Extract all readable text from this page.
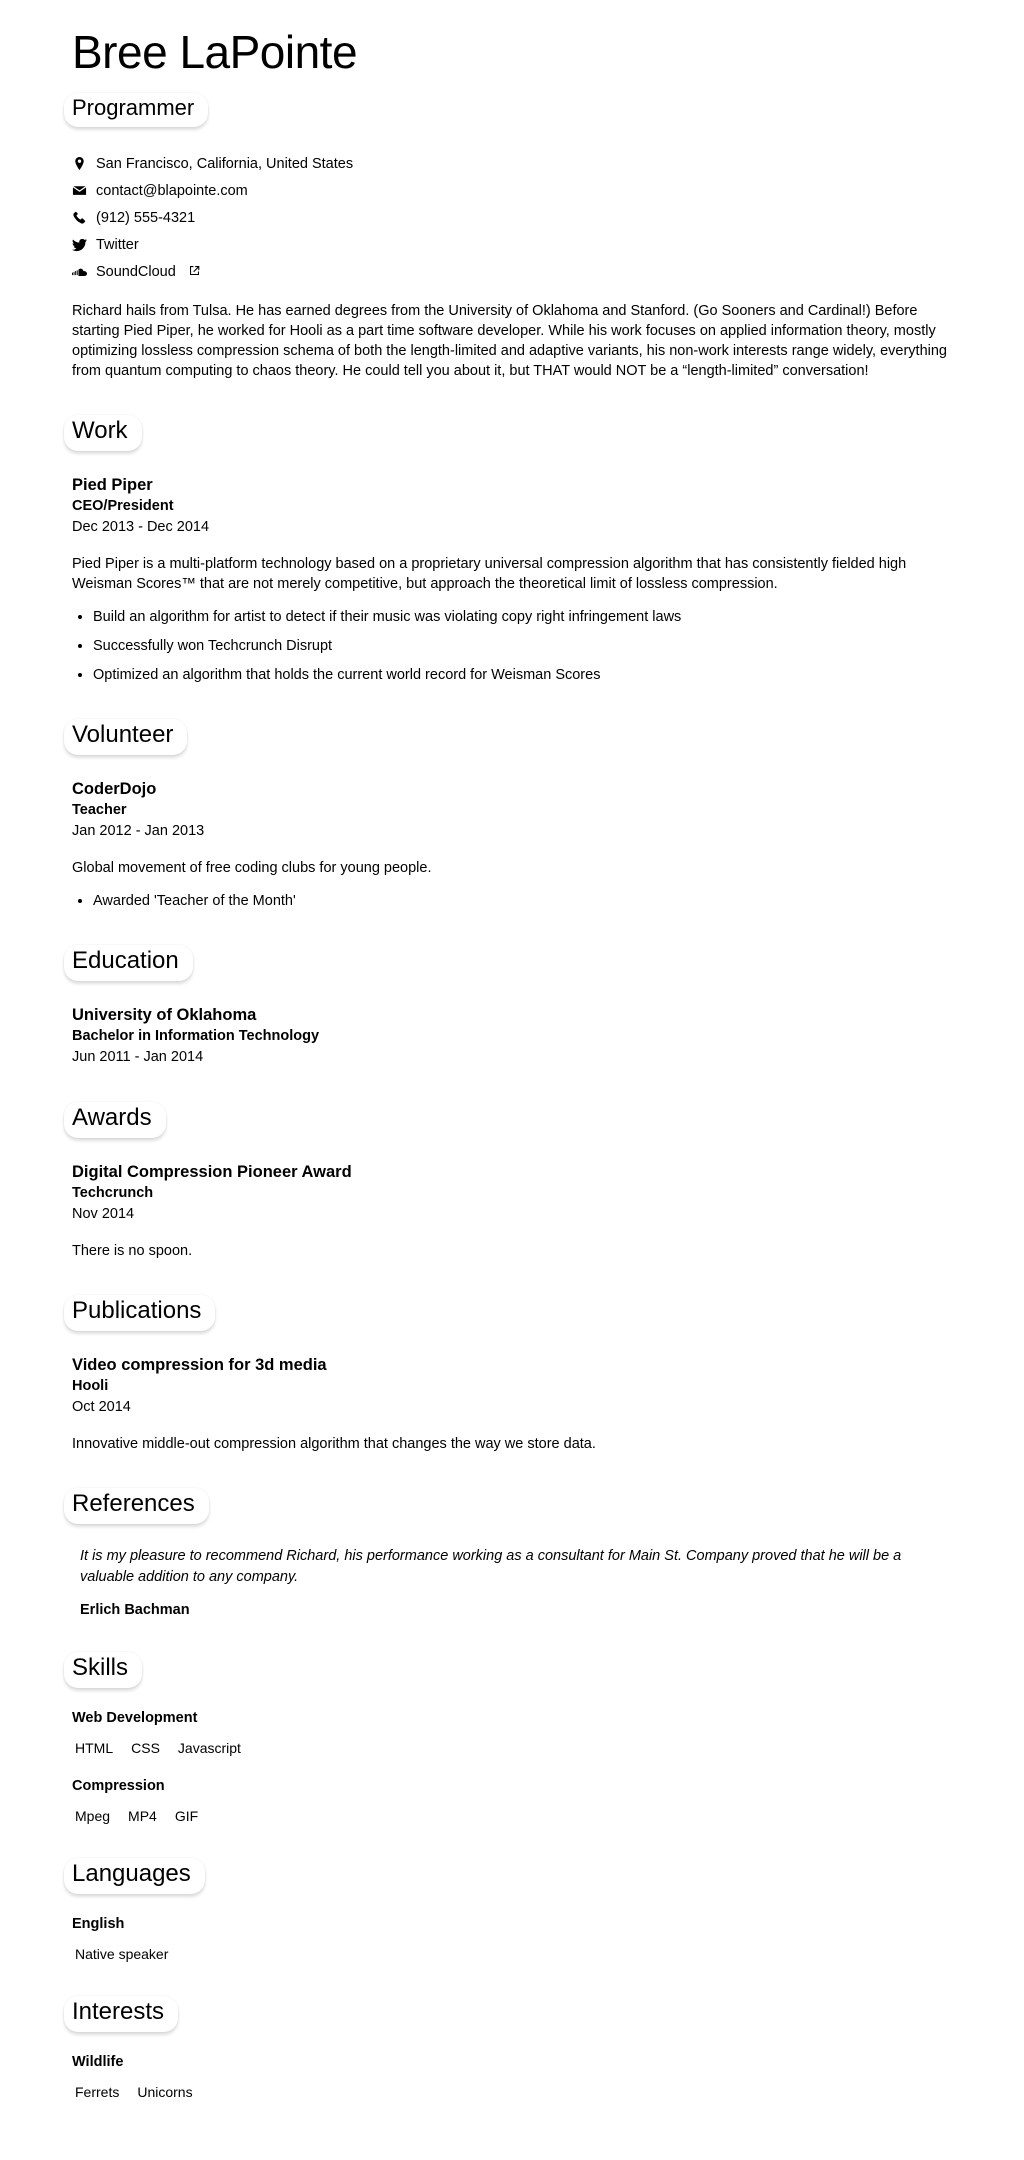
Bree LaPointe
Programmer
San Francisco, California, United States
contact@blapointe.com
(912) 555-4321
Twitter
SoundCloud

Richard hails from Tulsa. He has earned degrees from the University of Oklahoma and Stanford. (Go Sooners and Cardinal!) Before starting Pied Piper, he worked for Hooli as a part time software developer. While his work focuses on applied information theory, mostly optimizing lossless compression schema of both the length-limited and adaptive variants, his non-work interests range widely, everything from quantum computing to chaos theory. He could tell you about it, but THAT would NOT be a “length-limited” conversation!

Work

Pied Piper

CEO/President

Dec 2013 - Dec 2014

Pied Piper is a multi-platform technology based on a proprietary universal compression algorithm that has consistently fielded high Weisman Scores™ that are not merely competitive, but approach the theoretical limit of lossless compression.

• Build an algorithm for artist to detect if their music was violating copy right infringement laws
• Successfully won Techcrunch Disrupt
• Optimized an algorithm that holds the current world record for Weisman Scores
Volunteer

CoderDojo

Teacher

Jan 2012 - Jan 2013

Global movement of free coding clubs for young people.

• Awarded 'Teacher of the Month'
Education

University of Oklahoma

Bachelor in Information Technology

Jun 2011 - Jan 2014

Awards

Digital Compression Pioneer Award

Techcrunch

Nov 2014

There is no spoon.

Publications

Video compression for 3d media

Hooli

Oct 2014

Innovative middle-out compression algorithm that changes the way we store data.

References
It is my pleasure to recommend Richard, his performance working as a consultant for Main St. Company proved that he will be a valuable addition to any company.

Erlich Bachman

Skills

Web Development

HTML CSS Javascript

Compression

Mpeg MP4 GIF
Languages

English

Native speaker
Interests

Wildlife

Ferrets Unicorns
